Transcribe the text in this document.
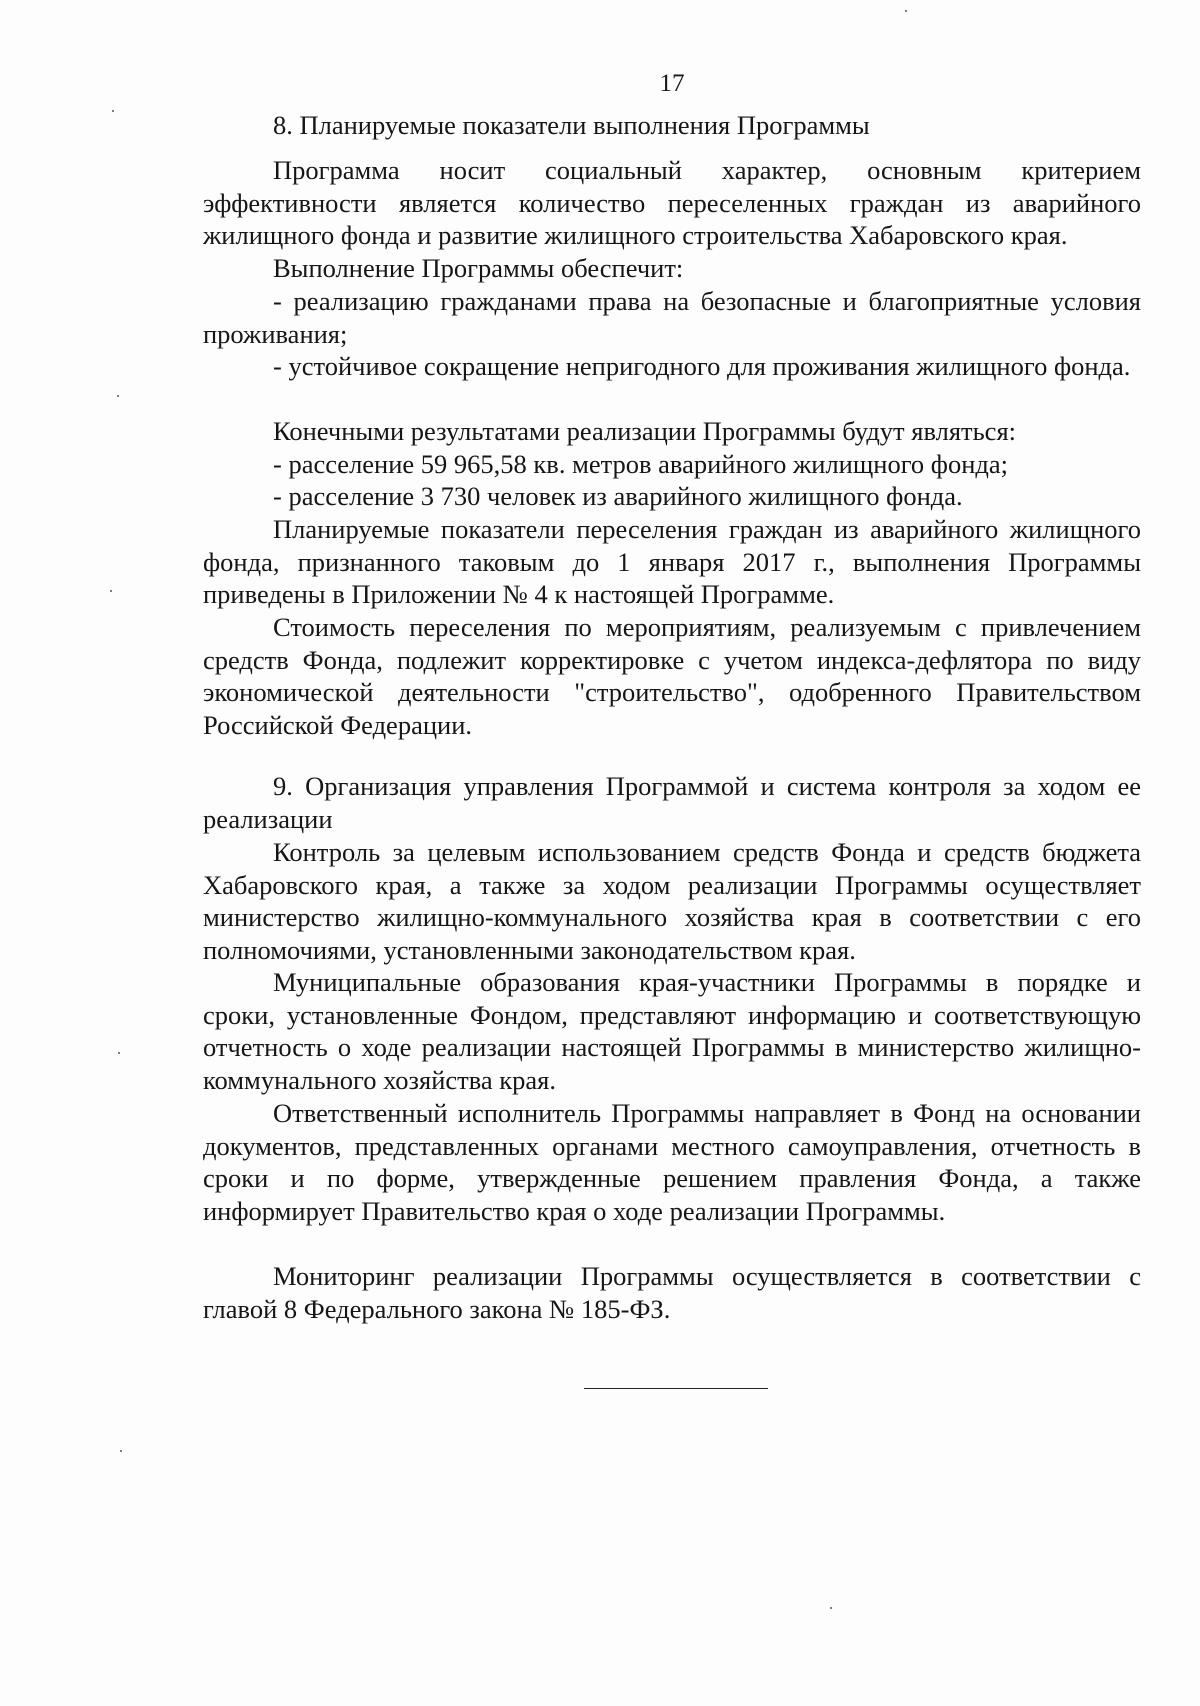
17
8. Планируемые показатели выполнения Программы
Программа носит социальный характер, основным критерием эффективности является количество переселенных граждан из аварийного жилищного фонда и развитие жилищного строительства Хабаровского края.
Выполнение Программы обеспечит:
- реализацию гражданами права на безопасные и благоприятные условия проживания;
- устойчивое сокращение непригодного для проживания жилищного фонда.
Конечными результатами реализации Программы будут являться:
- расселение 59 965,58 кв. метров аварийного жилищного фонда;
- расселение 3 730 человек из аварийного жилищного фонда.
Планируемые показатели переселения граждан из аварийного жилищного фонда, признанного таковым до 1 января 2017 г., выполнения Программы приведены в Приложении № 4 к настоящей Программе.
Стоимость переселения по мероприятиям, реализуемым с привлечением средств Фонда, подлежит корректировке с учетом индекса-дефлятора по виду экономической деятельности "строительство", одобренного Правительством Российской Федерации.
9. Организация управления Программой и система контроля за ходом ее реализации
Контроль за целевым использованием средств Фонда и средств бюджета Хабаровского края, а также за ходом реализации Программы осуществляет министерство жилищно-коммунального хозяйства края в соответствии с его полномочиями, установленными законодательством края.
Муниципальные образования края-участники Программы в порядке и сроки, установленные Фондом, представляют информацию и соответствующую отчетность о ходе реализации настоящей Программы в министерство жилищно-коммунального хозяйства края.
Ответственный исполнитель Программы направляет в Фонд на основании документов, представленных органами местного самоуправления, отчетность в сроки и по форме, утвержденные решением правления Фонда, а также информирует Правительство края о ходе реализации Программы.
Мониторинг реализации Программы осуществляется в соответствии с главой 8 Федерального закона № 185-ФЗ.
